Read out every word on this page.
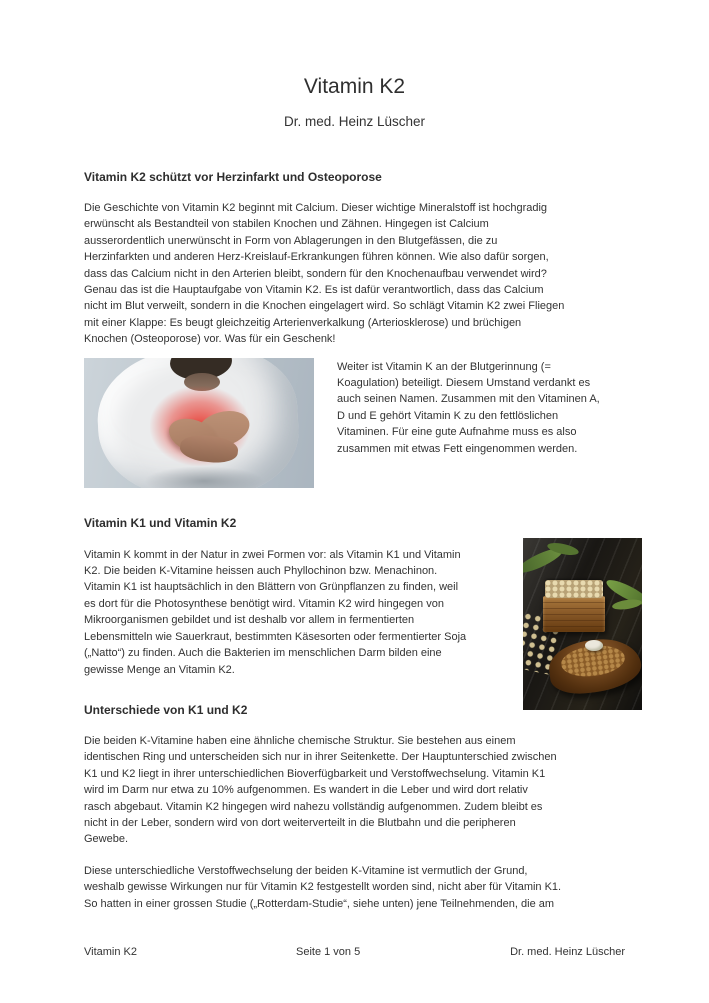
Vitamin K2

Dr. med. Heinz Lüscher

Vitamin K2 schützt vor Herzinfarkt und Osteoporose

Die Geschichte von Vitamin K2 beginnt mit Calcium. Dieser wichtige Mineralstoff ist hochgradig
erwünscht als Bestandteil von stabilen Knochen und Zähnen. Hingegen ist Calcium
ausserordentlich unerwünscht in Form von Ablagerungen in den Blutgefässen, die zu
Herzinfarkten und anderen Herz-Kreislauf-Erkrankungen führen können. Wie also dafür sorgen,
dass das Calcium nicht in den Arterien bleibt, sondern für den Knochenaufbau verwendet wird?
Genau das ist die Hauptaufgabe von Vitamin K2. Es ist dafür verantwortlich, dass das Calcium
nicht im Blut verweilt, sondern in die Knochen eingelagert wird. So schlägt Vitamin K2 zwei Fliegen
mit einer Klappe: Es beugt gleichzeitig Arterienverkalkung (Arteriosklerose) und brüchigen
Knochen (Osteoporose) vor. Was für ein Geschenk!

Weiter ist Vitamin K an der Blutgerinnung (=
Koagulation) beteiligt. Diesem Umstand verdankt es
auch seinen Namen. Zusammen mit den Vitaminen A,
D und E gehört Vitamin K zu den fettlöslichen
Vitaminen. Für eine gute Aufnahme muss es also
zusammen mit etwas Fett eingenommen werden.

Vitamin K1 und Vitamin K2

Vitamin K kommt in der Natur in zwei Formen vor: als Vitamin K1 und Vitamin
K2. Die beiden K-Vitamine heissen auch Phyllochinon bzw. Menachinon.
Vitamin K1 ist hauptsächlich in den Blättern von Grünpflanzen zu finden, weil
es dort für die Photosynthese benötigt wird. Vitamin K2 wird hingegen von
Mikroorganismen gebildet und ist deshalb vor allem in fermentierten
Lebensmitteln wie Sauerkraut, bestimmten Käsesorten oder fermentierter Soja
(„Natto“) zu finden. Auch die Bakterien im menschlichen Darm bilden eine
gewisse Menge an Vitamin K2.

Unterschiede von K1 und K2

Die beiden K-Vitamine haben eine ähnliche chemische Struktur. Sie bestehen aus einem
identischen Ring und unterscheiden sich nur in ihrer Seitenkette. Der Hauptunterschied zwischen
K1 und K2 liegt in ihrer unterschiedlichen Bioverfügbarkeit und Verstoffwechselung. Vitamin K1
wird im Darm nur etwa zu 10% aufgenommen. Es wandert in die Leber und wird dort relativ
rasch abgebaut. Vitamin K2 hingegen wird nahezu vollständig aufgenommen. Zudem bleibt es
nicht in der Leber, sondern wird von dort weiterverteilt in die Blutbahn und die peripheren
Gewebe.

Diese unterschiedliche Verstoffwechselung der beiden K-Vitamine ist vermutlich der Grund,
weshalb gewisse Wirkungen nur für Vitamin K2 festgestellt worden sind, nicht aber für Vitamin K1.
So hatten in einer grossen Studie („Rotterdam-Studie“, siehe unten) jene Teilnehmenden, die am

Vitamin K2	Seite 1 von 5	Dr. med. Heinz Lüscher
